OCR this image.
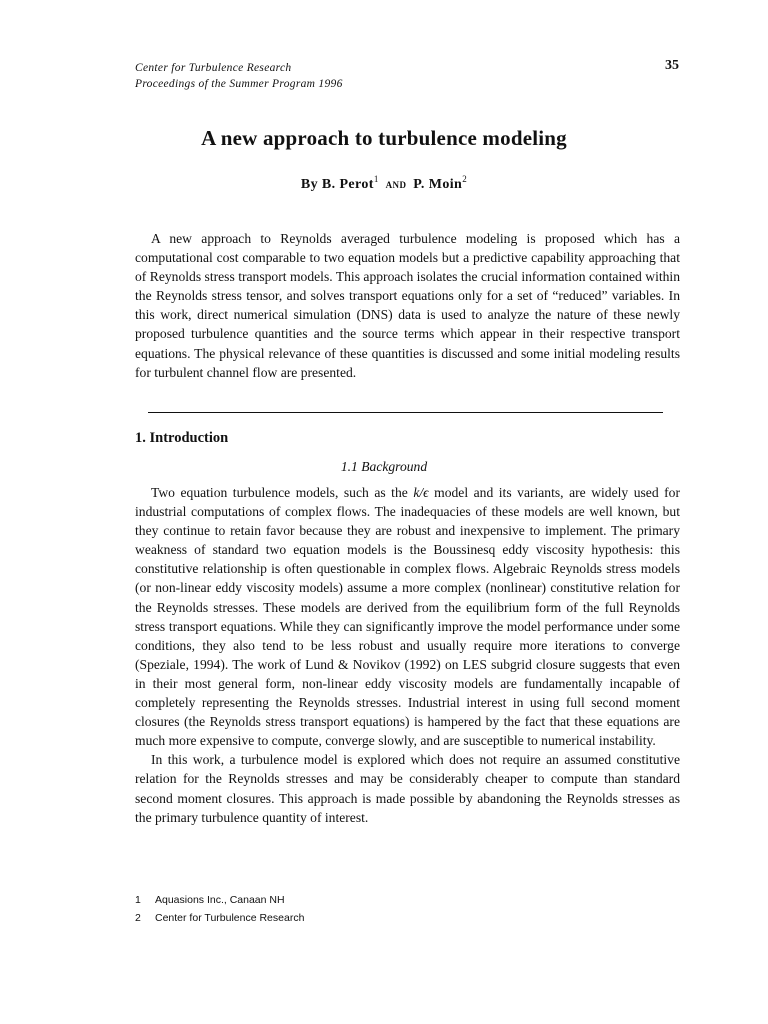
Center for Turbulence Research
Proceedings of the Summer Program 1996
35
A new approach to turbulence modeling
By B. Perot$^1$ and P. Moin$^2$
A new approach to Reynolds averaged turbulence modeling is proposed which has a computational cost comparable to two equation models but a predictive capability approaching that of Reynolds stress transport models. This approach isolates the crucial information contained within the Reynolds stress tensor, and solves transport equations only for a set of “reduced” variables. In this work, direct numerical simulation (DNS) data is used to analyze the nature of these newly proposed turbulence quantities and the source terms which appear in their respective transport equations. The physical relevance of these quantities is discussed and some initial modeling results for turbulent channel flow are presented.
1. Introduction
1.1 Background

Two equation turbulence models, such as the k/ϵ model and its variants, are widely used for industrial computations of complex flows. The inadequacies of these models are well known, but they continue to retain favor because they are robust and inexpensive to implement. The primary weakness of standard two equation models is the Boussinesq eddy viscosity hypothesis: this constitutive relationship is often questionable in complex flows. Algebraic Reynolds stress models (or non-linear eddy viscosity models) assume a more complex (nonlinear) constitutive relation for the Reynolds stresses. These models are derived from the equilibrium form of the full Reynolds stress transport equations. While they can significantly improve the model performance under some conditions, they also tend to be less robust and usually require more iterations to converge (Speziale, 1994). The work of Lund & Novikov (1992) on LES subgrid closure suggests that even in their most general form, non-linear eddy viscosity models are fundamentally incapable of completely representing the Reynolds stresses. Industrial interest in using full second moment closures (the Reynolds stress transport equations) is hampered by the fact that these equations are much more expensive to compute, converge slowly, and are susceptible to numerical instability.

In this work, a turbulence model is explored which does not require an assumed constitutive relation for the Reynolds stresses and may be considerably cheaper to compute than standard second moment closures. This approach is made possible by abandoning the Reynolds stresses as the primary turbulence quantity of interest.

1	Aquasions Inc., Canaan NH
2	Center for Turbulence Research
